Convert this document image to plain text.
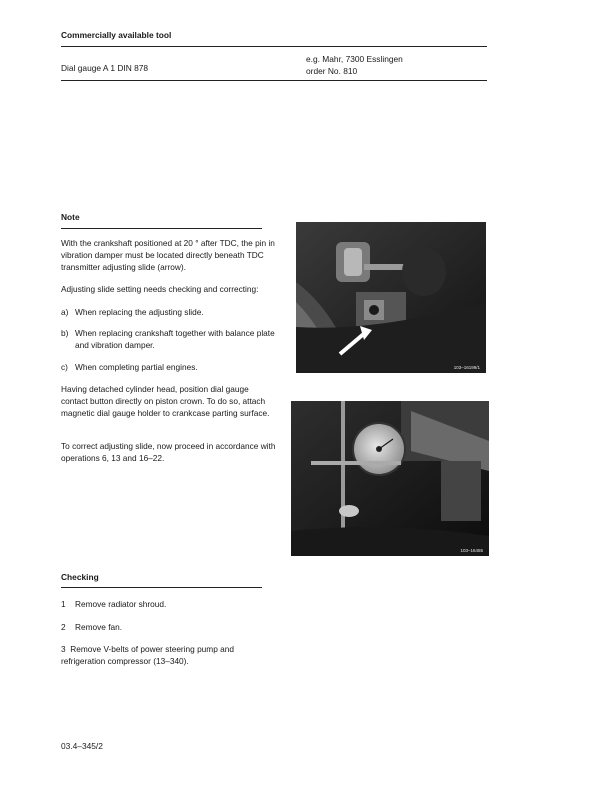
Commercially available tool
Dial gauge A 1 DIN 878
e.g. Mahr, 7300 Esslingen
order No. 810
Note
With the crankshaft positioned at 20 ° after TDC, the pin in vibration damper must be located directly beneath TDC transmitter adjusting slide (arrow).
Adjusting slide setting needs checking and correcting:
a) When replacing the adjusting slide.
b) When replacing crankshaft together with balance plate and vibration damper.
c) When completing partial engines.
Having detached cylinder head, position dial gauge contact button directly on piston crown. To do so, attach magnetic dial gauge holder to crankcase parting surface.
To correct adjusting slide, now proceed in accordance with operations 6, 13 and 16–22.
103–16199/1
103–16455
Checking
1 Remove radiator shroud.
2 Remove fan.
3 Remove V-belts of power steering pump and refrigeration compressor (13–340).
03.4–345/2
